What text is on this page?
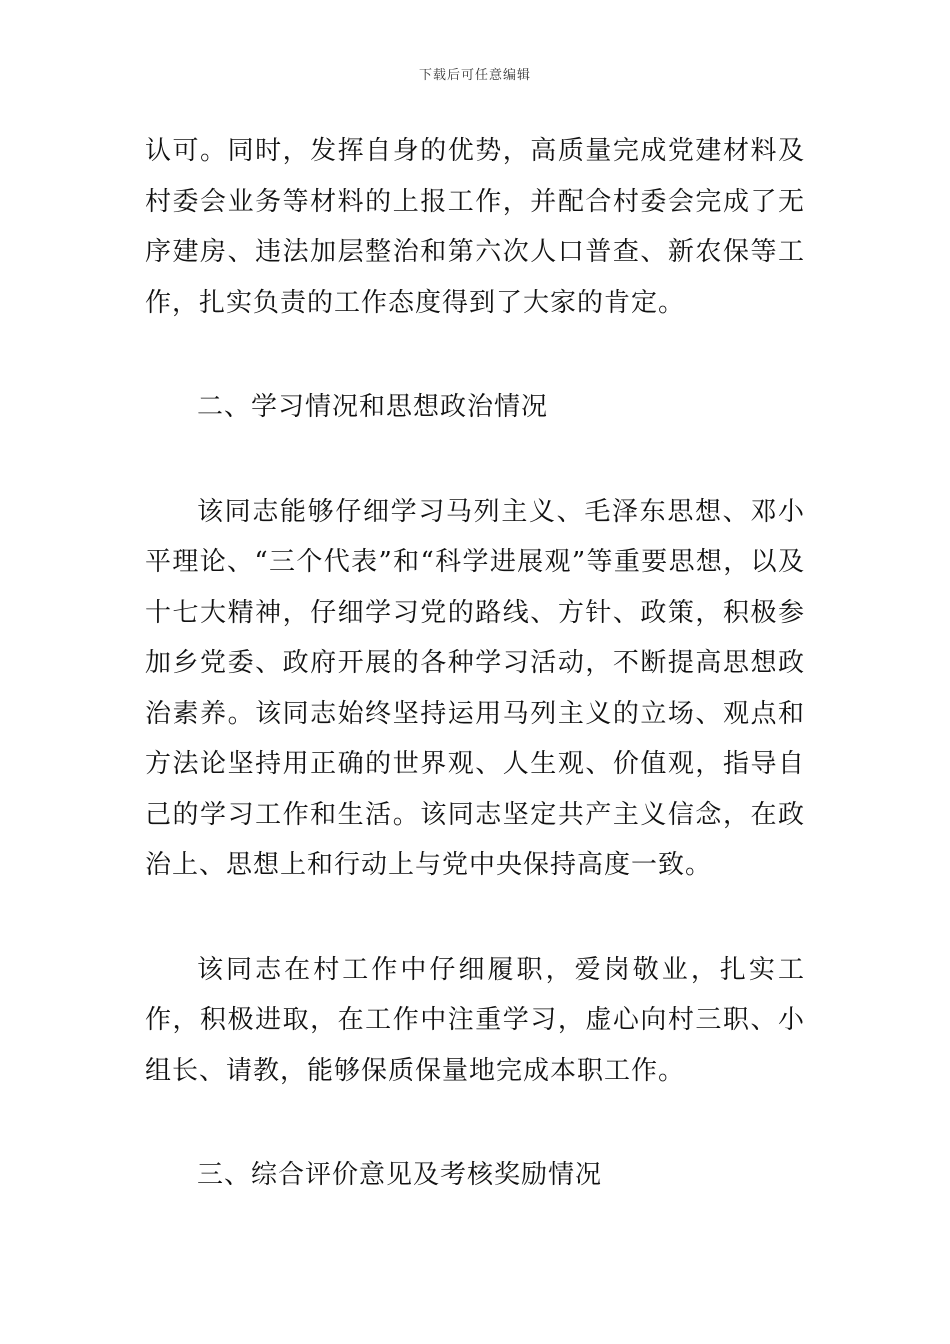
下载后可任意编辑

认可。同时，发挥自身的优势，高质量完成党建材料及村委会业务等材料的上报工作，并配合村委会完成了无序建房、违法加层整治和第六次人口普查、新农保等工作，扎实负责的工作态度得到了大家的肯定。

二、学习情况和思想政治情况

该同志能够仔细学习马列主义、毛泽东思想、邓小平理论、“三个代表”和“科学进展观”等重要思想，以及十七大精神，仔细学习党的路线、方针、政策，积极参加乡党委、政府开展的各种学习活动，不断提高思想政治素养。该同志始终坚持运用马列主义的立场、观点和方法论坚持用正确的世界观、人生观、价值观，指导自己的学习工作和生活。该同志坚定共产主义信念，在政治上、思想上和行动上与党中央保持高度一致。

该同志在村工作中仔细履职，爱岗敬业，扎实工作，积极进取，在工作中注重学习，虚心向村三职、小组长、请教，能够保质保量地完成本职工作。

三、综合评价意见及考核奖励情况
